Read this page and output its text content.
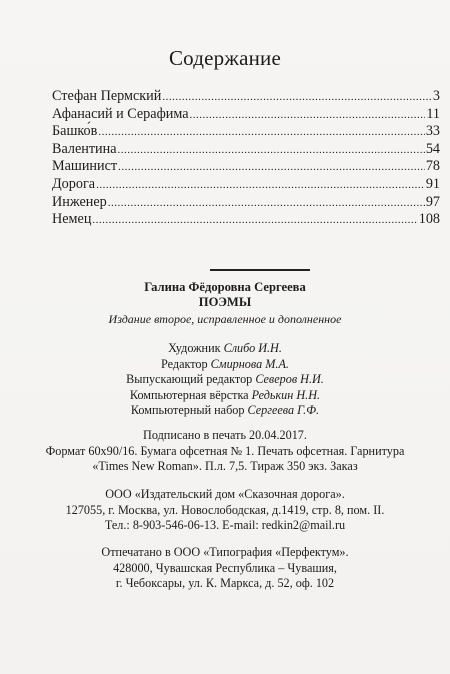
Содержание
Стефан Пермский .....	3
Афанасий и Серафима .....	11
Башко́в .....	33
Валентина .....	54
Машинист .....	78
Дорога .....	91
Инженер .....	97
Немец .....	108
Галина Фёдоровна Сергеева
ПОЭМЫ
Издание второе, исправленное и дополненное
Художник Слибо И.Н.
Редактор Смирнова М.А.
Выпускающий редактор Северов Н.И.
Компьютерная вёрстка Редькин Н.Н.
Компьютерный набор Сергеева Г.Ф.
Подписано в печать 20.04.2017.
Формат 60х90/16. Бумага офсетная № 1. Печать офсетная. Гарнитура
«Times New Roman». П.л. 7,5. Тираж 350 экз. Заказ
ООО «Издательский дом «Сказочная дорога».
127055, г. Москва, ул. Новослободская, д.1419, стр. 8, пом. II.
Тел.: 8-903-546-06-13. E-mail: redkin2@mail.ru
Отпечатано в ООО «Типография «Перфектум».
428000, Чувашская Республика – Чувашия,
г. Чебоксары, ул. К. Маркса, д. 52, оф. 102
